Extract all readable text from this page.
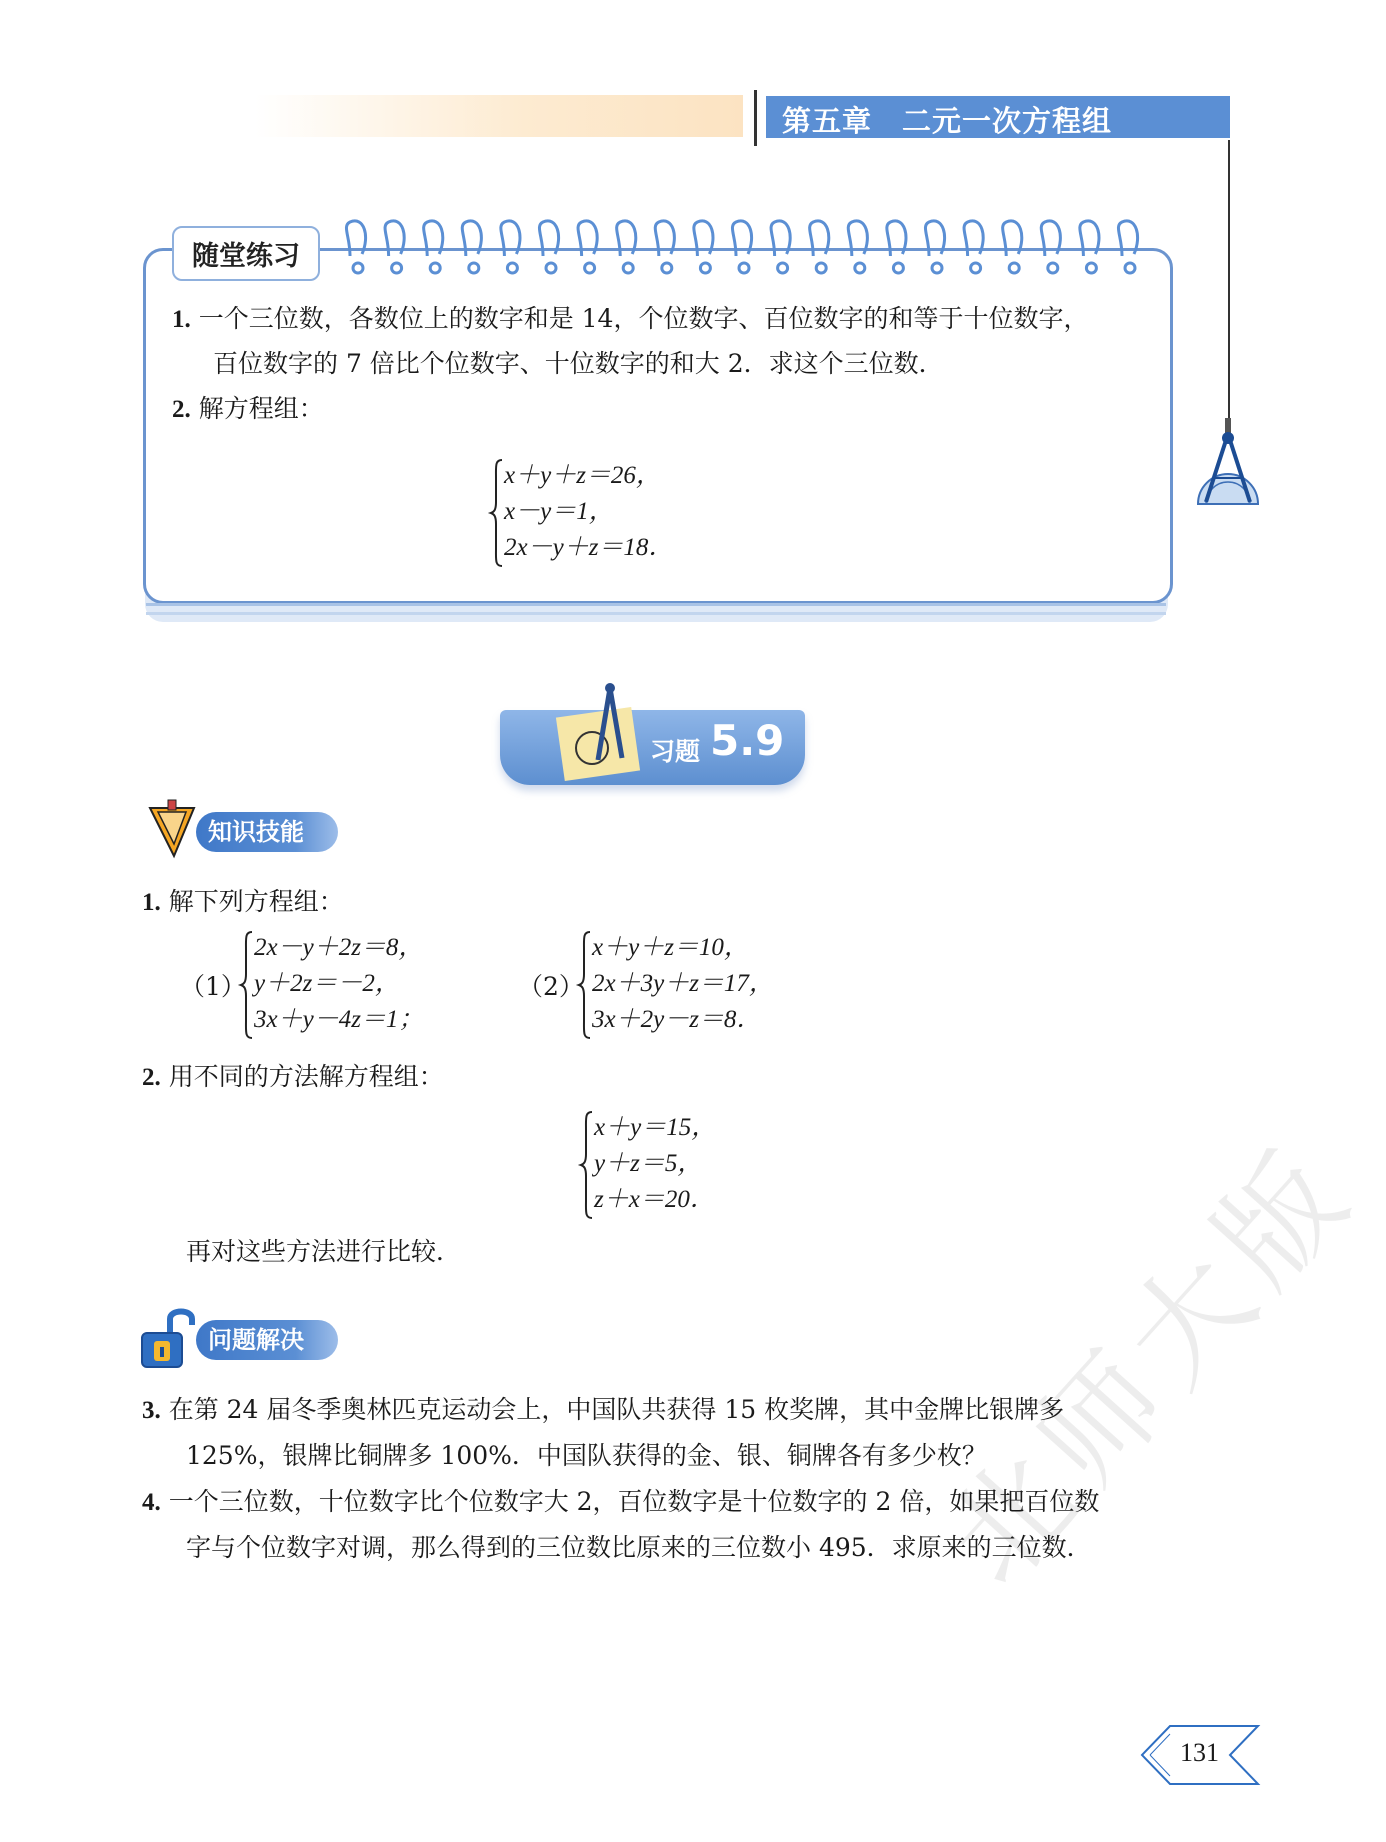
第五章 二元一次方程组
随堂练习
1. 一个三位数，各数位上的数字和是 14，个位数字、百位数字的和等于十位数字，
百位数字的 7 倍比个位数字、十位数字的和大 2．求这个三位数．
2. 解方程组：
x＋y＋z＝26，
x－y＝1，
2x－y＋z＝18．
习题 5.9
知识技能
1. 解下列方程组：
（1）
2x－y＋2z＝8，
y＋2z＝－2，
3x＋y－4z＝1；
（2）
x＋y＋z＝10，
2x＋3y＋z＝17，
3x＋2y－z＝8．
2. 用不同的方法解方程组：
x＋y＝15，
y＋z＝5，
z＋x＝20．
再对这些方法进行比较．
问题解决
3. 在第 24 届冬季奥林匹克运动会上，中国队共获得 15 枚奖牌，其中金牌比银牌多
125%，银牌比铜牌多 100%．中国队获得的金、银、铜牌各有多少枚？
4. 一个三位数，十位数字比个位数字大 2，百位数字是十位数字的 2 倍，如果把百位数
字与个位数字对调，那么得到的三位数比原来的三位数小 495．求原来的三位数．
北师大版
131
